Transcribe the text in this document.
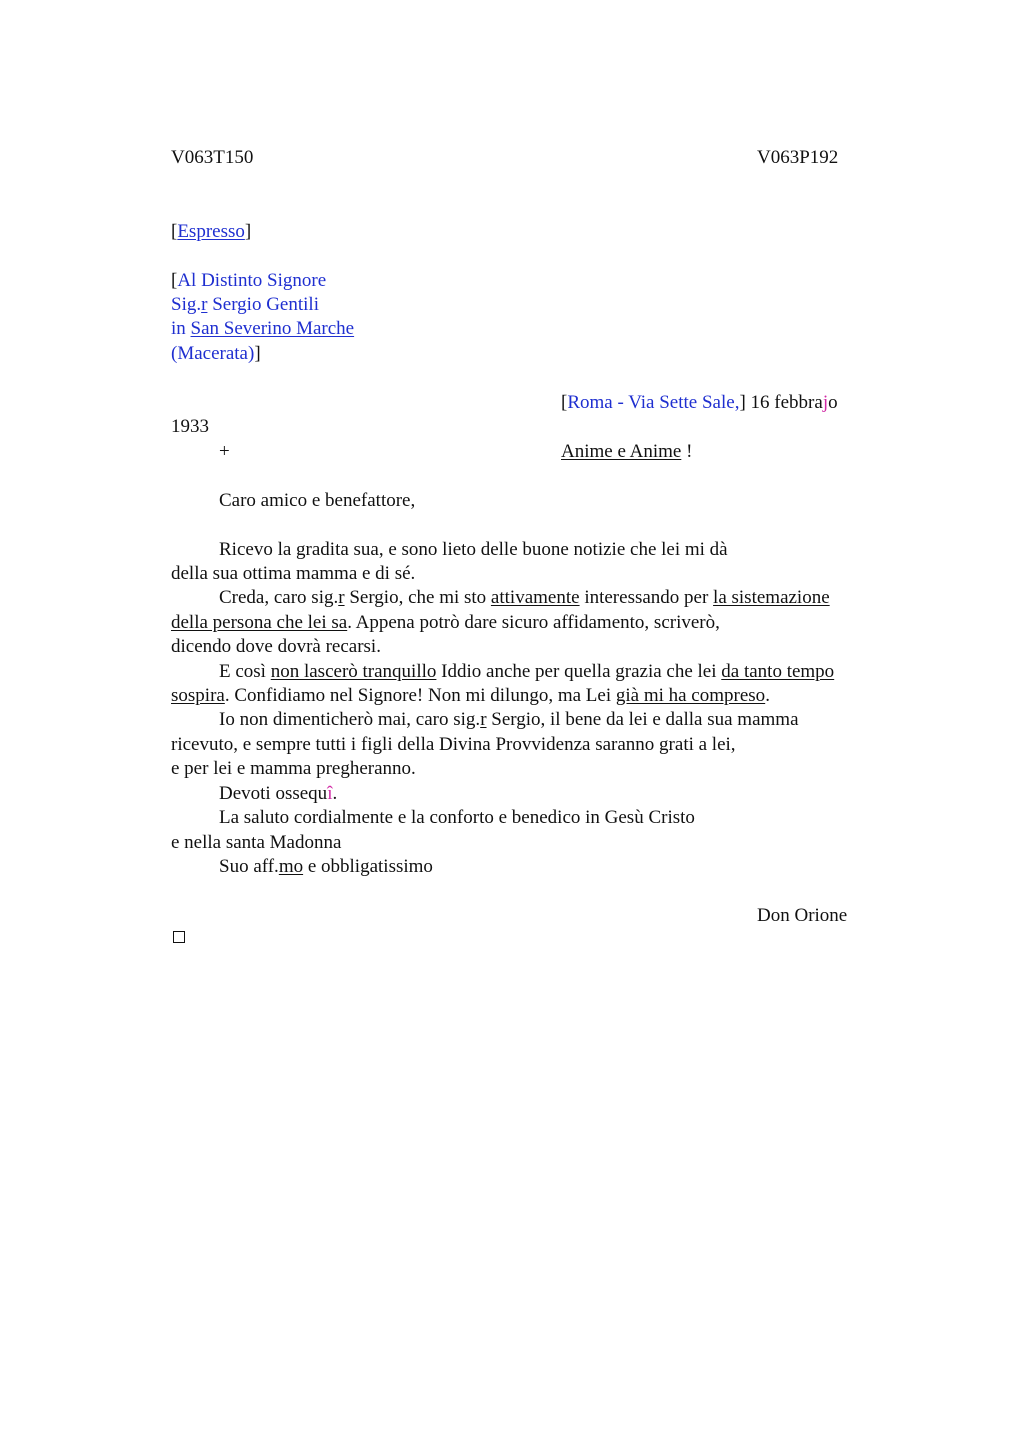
V063T150	V063P192
[Espresso]
[Al Distinto Signore
Sig.r Sergio Gentili
in San Severino Marche
(Macerata)]
[Roma - Via Sette Sale,] 16 febbrajo
1933
+	Anime e Anime !
Caro amico e benefattore,
Ricevo la gradita sua, e sono lieto delle buone notizie che lei mi dà
della sua ottima mamma e di sé.
Creda, caro sig.r Sergio, che mi sto attivamente interessando per la sistemazione
della persona che lei sa. Appena potrò dare sicuro affidamento, scriverò,
dicendo dove dovrà recarsi.
E così non lascerò tranquillo Iddio anche per quella grazia che lei da tanto tempo
sospira. Confidiamo nel Signore! Non mi dilungo, ma Lei già mi ha compreso.
Io non dimenticherò mai, caro sig.r Sergio, il bene da lei e dalla sua mamma
ricevuto, e sempre tutti i figli della Divina Provvidenza saranno grati a lei,
e per lei e mamma pregheranno.
Devoti ossequî.
La saluto cordialmente e la conforto e benedico in Gesù Cristo
e nella santa Madonna
Suo aff.mo e obbligatissimo
Don Orione
